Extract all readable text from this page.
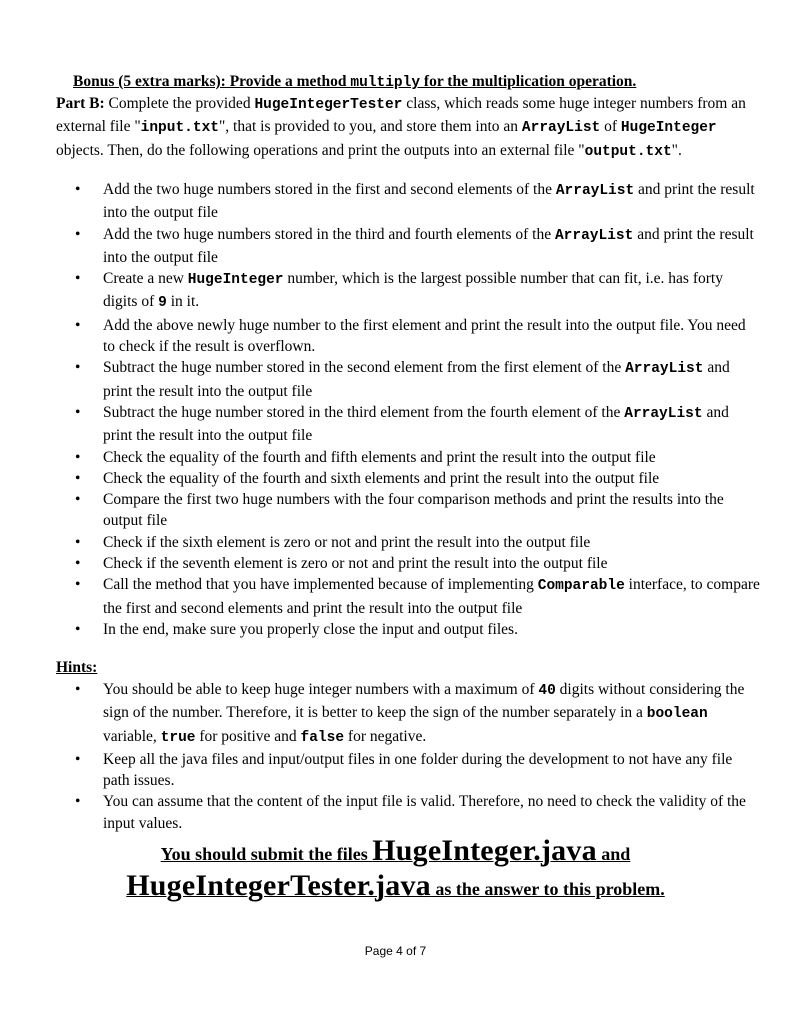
Bonus (5 extra marks): Provide a method multiply for the multiplication operation.
Part B: Complete the provided HugeIntegerTester class, which reads some huge integer numbers from an external file "input.txt", that is provided to you, and store them into an ArrayList of HugeInteger objects. Then, do the following operations and print the outputs into an external file "output.txt".
• Add the two huge numbers stored in the first and second elements of the ArrayList and print the result into the output file
• Add the two huge numbers stored in the third and fourth elements of the ArrayList and print the result into the output file
• Create a new HugeInteger number, which is the largest possible number that can fit, i.e. has forty digits of 9 in it.
• Add the above newly huge number to the first element and print the result into the output file. You need to check if the result is overflown.
• Subtract the huge number stored in the second element from the first element of the ArrayList and print the result into the output file
• Subtract the huge number stored in the third element from the fourth element of the ArrayList and print the result into the output file
• Check the equality of the fourth and fifth elements and print the result into the output file
• Check the equality of the fourth and sixth elements and print the result into the output file
• Compare the first two huge numbers with the four comparison methods and print the results into the output file
• Check if the sixth element is zero or not and print the result into the output file
• Check if the seventh element is zero or not and print the result into the output file
• Call the method that you have implemented because of implementing Comparable interface, to compare the first and second elements and print the result into the output file
• In the end, make sure you properly close the input and output files.
Hints:
• You should be able to keep huge integer numbers with a maximum of 40 digits without considering the sign of the number. Therefore, it is better to keep the sign of the number separately in a boolean variable, true for positive and false for negative.
• Keep all the java files and input/output files in one folder during the development to not have any file path issues.
• You can assume that the content of the input file is valid. Therefore, no need to check the validity of the input values.
You should submit the files HugeInteger.java and
HugeIntegerTester.java as the answer to this problem.
Page 4 of 7
